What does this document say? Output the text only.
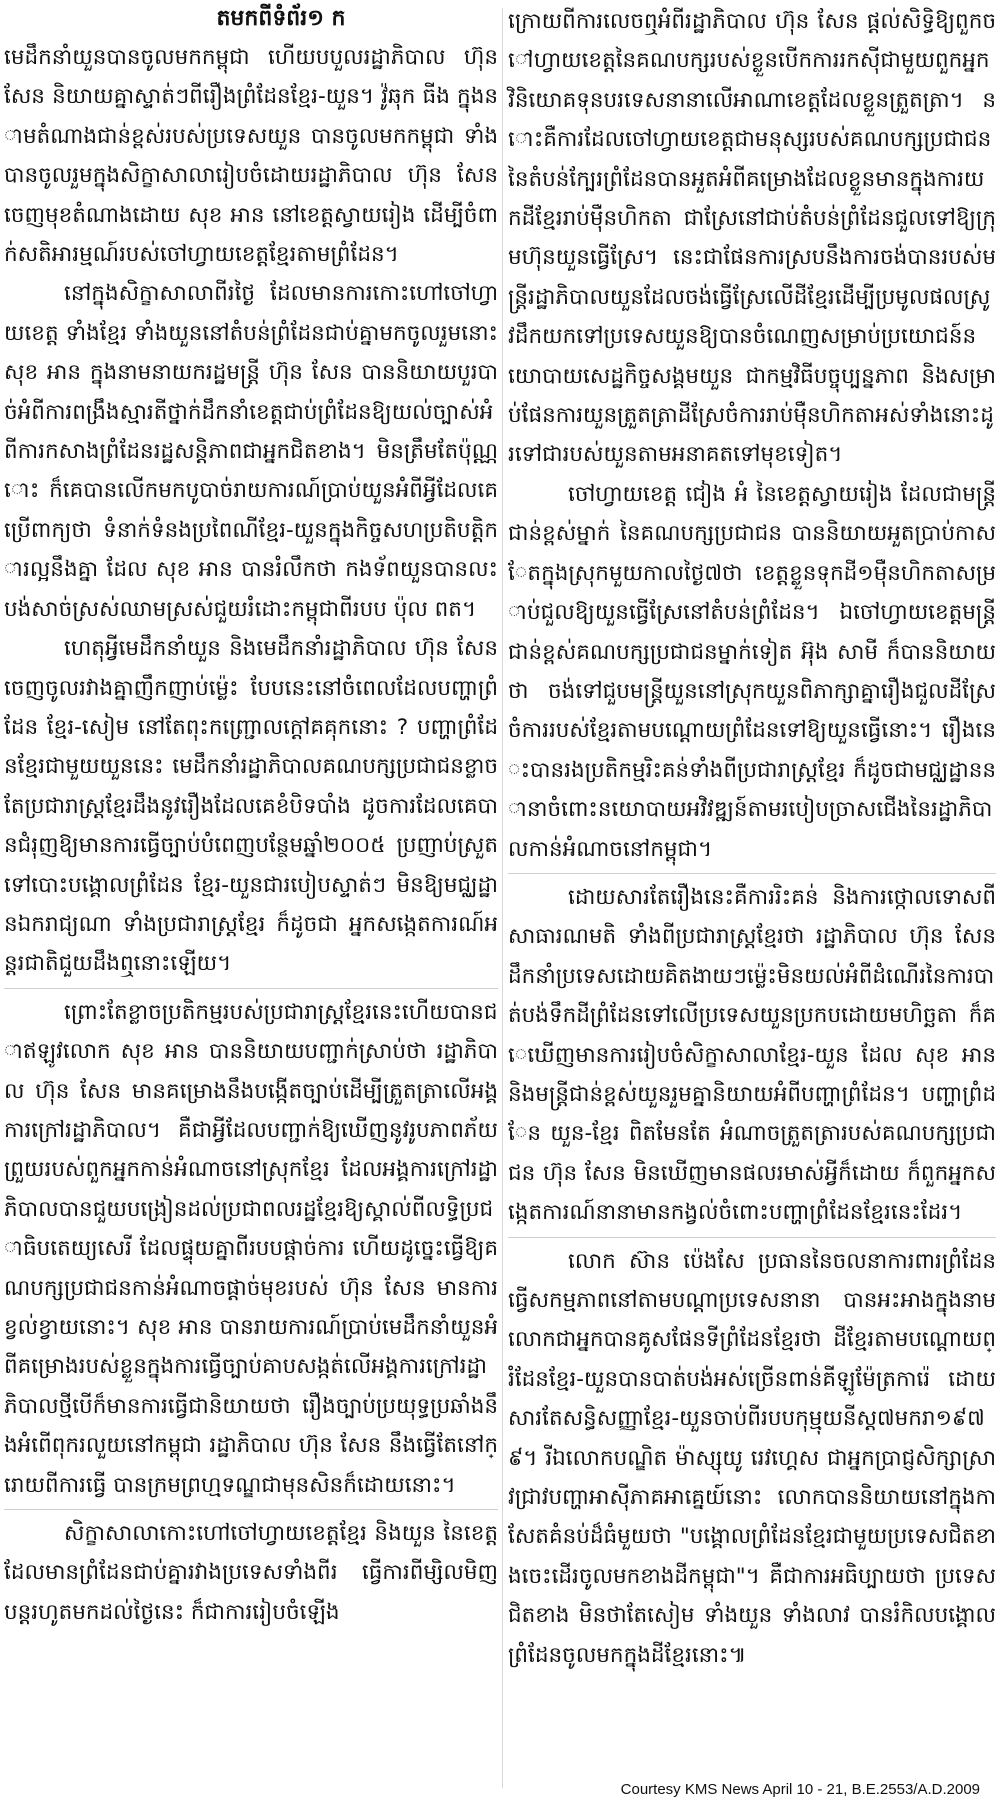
តមកពីទំព័រ១ ក

មេដឹកនាំយួនបានចូលមកកម្ពុជា ហើយបបួលរដ្ឋាភិបាល ហ៊ុន សែន និយាយគ្នាស្ទាត់ៗពីរឿងព្រំដែនខ្មែរ-យួន។ វ៉ូឆុក ធីង ក្នុងនាមតំណាងជាន់ខ្ពស់របស់ប្រទេសយួន បានចូលមកកម្ពុជា ទាំងបានចូលរួមក្នុងសិក្ខាសាលារៀបចំដោយរដ្ឋាភិបាល ហ៊ុន សែន ចេញមុខតំណាងដោយ សុខ អាន នៅខេត្តស្វាយរៀង ដើម្បីចំពាក់សតិអារម្មណ៍របស់ចៅហ្វាយខេត្តខ្មែរតាមព្រំដែន។

នៅក្នុងសិក្ខាសាលាពីរថ្ងៃ ដែលមានការកោះហៅចៅហ្វាយខេត្ត ទាំងខ្មែរ ទាំងយួននៅតំបន់ព្រំដែនជាប់គ្នាមកចូលរួមនោះ សុខ អាន ក្នុងនាមនាយករដ្ឋមន្ត្រី ហ៊ុន សែន បាននិយាយបួរបាច់អំពីការពង្រឹងស្មារតីថ្នាក់ដឹកនាំខេត្តជាប់ព្រំដែនឱ្យយល់ច្បាស់អំពីការកសាងព្រំដែនរដ្ឋសន្តិភាពជាអ្នកជិតខាង។ មិនត្រឹមតែប៉ុណ្ណោះ ក៏គេបានលើកមកបូបាច់រាយការណ៍ប្រាប់យួនអំពីអ្វីដែលគេប្រើពាក្យថា ទំនាក់ទំនងប្រពៃណីខ្មែរ-យួនក្នុងកិច្ចសហប្រតិបត្តិការល្អនឹងគ្នា ដែល សុខ អាន បានរំលឹកថា កងទ័ពយួនបានលះបង់សាច់ស្រស់ឈាមស្រស់ជួយរំដោះកម្ពុជាពីរបប ប៉ុល ពត។

ហេតុអ្វីមេដឹកនាំយួន និងមេដឹកនាំរដ្ឋាភិបាល ហ៊ុន សែន ចេញចូលរវាងគ្នាញឹកញាប់ម្ល៉េះ បែបនេះនៅចំពេលដែលបញ្ហាព្រំដែន ខ្មែរ-សៀម នៅតែពុះកញ្ជ្រោលក្ដៅគគុកនោះ ? បញ្ហាព្រំដែនខ្មែរជាមួយយួននេះ មេដឹកនាំរដ្ឋាភិបាលគណបក្សប្រជាជនខ្លាចតែប្រជារាស្ត្រខ្មែរដឹងនូវរឿងដែលគេខំបិទបាំង ដូចការដែលគេបានជំរុញឱ្យមានការធ្វើច្បាប់បំពេញបន្ថែមឆ្នាំ២០០៥ ប្រញាប់ស្រួតទៅបោះបង្គោលព្រំដែន ខ្មែរ-យួនជារបៀបស្ទាត់ៗ មិនឱ្យមជ្ឈដ្ឋានឯករាជ្យណា ទាំងប្រជារាស្ត្រខ្មែរ ក៏ដូចជា អ្នកសង្កេតការណ៍អន្តរជាតិជួយដឹងឮនោះឡើយ។

ព្រោះតែខ្លាចប្រតិកម្មរបស់ប្រជារាស្ត្រខ្មែរនេះហើយបានជាឥឡូវលោក សុខ អាន បាននិយាយបញ្ជាក់ស្រាប់ថា រដ្ឋាភិបាល ហ៊ុន សែន មានគម្រោងនឹងបង្កើតច្បាប់ដើម្បីត្រួតត្រាលើអង្គការក្រៅរដ្ឋាភិបាល។ គឺជាអ្វីដែលបញ្ជាក់ឱ្យឃើញនូវរូបភាពភ័យព្រួយរបស់ពួកអ្នកកាន់អំណាចនៅស្រុកខ្មែរ ដែលអង្គការក្រៅរដ្ឋាភិបាលបានជួយបង្រៀនដល់ប្រជាពលរដ្ឋខ្មែរឱ្យស្គាល់ពីលទ្ធិប្រជាធិបតេយ្យសេរី ដែលផ្ទុយគ្នាពីរបបផ្ដាច់ការ ហើយដូច្នេះធ្វើឱ្យគណបក្សប្រជាជនកាន់អំណាចផ្ដាច់មុខរបស់ ហ៊ុន សែន មានការខ្វល់ខ្វាយនោះ។ សុខ អាន បានរាយការណ៍ប្រាប់មេដឹកនាំយួនអំពីគម្រោងរបស់ខ្លួនក្នុងការធ្វើច្បាប់គាបសង្កត់លើអង្គការក្រៅរដ្ឋាភិបាលថ្មីបើក៏មានការធ្វើជានិយាយថា រឿងច្បាប់ប្រយុទ្ធប្រឆាំងនឹងអំពើពុករលួយនៅកម្ពុជា រដ្ឋាភិបាល ហ៊ុន សែន នឹងធ្វើតែនៅក្រោយពីការធ្វើ បានក្រមព្រហ្មទណ្ឌជាមុនសិនក៏ដោយនោះ។

សិក្ខាសាលាកោះហៅចៅហ្វាយខេត្តខ្មែរ និងយួន នៃខេត្តដែលមានព្រំដែនជាប់គ្នារវាងប្រទេសទាំងពីរ ធ្វើការពីម្សិលមិញ បន្តរហូតមកដល់ថ្ងៃនេះ ក៏ជាការរៀបចំឡើង

ក្រោយពីការលេចឮអំពីរដ្ឋាភិបាល ហ៊ុន សែន ផ្ដល់សិទ្ធិឱ្យពួកចៅហ្វាយខេត្តនៃគណបក្សរបស់ខ្លួនបើកការរកស៊ីជាមួយពួកអ្នកវិនិយោគទុនបរទេសនានាលើអាណាខេត្តដែលខ្លួនត្រួតត្រា។ នោះគឺការដែលចៅហ្វាយខេត្តជាមនុស្សរបស់គណបក្សប្រជាជន នៃតំបន់ក្បែរព្រំដែនបានអួតអំពីគម្រោងដែលខ្លួនមានក្នុងការយកដីខ្មែររាប់ម៉ឺនហិកតា ជាស្រែនៅជាប់តំបន់ព្រំដែនជួលទៅឱ្យក្រុមហ៊ុនយួនធ្វើស្រែ។ នេះជាផែនការស្របនឹងការចង់បានរបស់មន្ត្រីរដ្ឋាភិបាលយួនដែលចង់ធ្វើស្រែលើដីខ្មែរដើម្បីប្រមូលផលស្រូវដឹកយកទៅប្រទេសយួនឱ្យបានចំណេញសម្រាប់ប្រយោជន៍នយោបាយសេដ្ឋកិច្ចសង្គមយួន ជាកម្មវិធីបច្ចុប្បន្នភាព និងសម្រាប់ផែនការយួនត្រួតត្រាដីស្រែចំការរាប់ម៉ឺនហិកតាអស់ទាំងនោះដូរទៅជារបស់យួនតាមអនាគតទៅមុខទៀត។

ចៅហ្វាយខេត្ត ជៀង អំ នៃខេត្តស្វាយរៀង ដែលជាមន្ត្រីជាន់ខ្ពស់ម្នាក់ នៃគណបក្សប្រជាជន បាននិយាយអួតប្រាប់កាសែតក្នុងស្រុកមួយកាលថ្ងៃ៧ថា ខេត្តខ្លួនទុកដី១ម៉ឺនហិកតាសម្រាប់ជួលឱ្យយួនធ្វើស្រែនៅតំបន់ព្រំដែន។ ឯចៅហ្វាយខេត្តមន្ត្រីជាន់ខ្ពស់គណបក្សប្រជាជនម្នាក់ទៀត អ៊ុង សាមី ក៏បាននិយាយថា ចង់ទៅជួបមន្ត្រីយួននៅស្រុកយួនពិភាក្សាគ្នារឿងជួលដីស្រែចំការរបស់ខ្មែរតាមបណ្ដោយព្រំដែនទៅឱ្យយួនធ្វើនោះ។ រឿងនេះបានរងប្រតិកម្មរិះគន់ទាំងពីប្រជារាស្ត្រខ្មែរ ក៏ដូចជាមជ្ឈដ្ឋាននានាចំពោះនយោបាយអវិវឌ្ឍន៍តាមរបៀបច្រាសជើងនៃរដ្ឋាភិបាលកាន់អំណាចនៅកម្ពុជា។

ដោយសារតែរឿងនេះគឺការរិះគន់ និងការថ្កោលទោសពីសាធារណមតិ ទាំងពីប្រជារាស្ត្រខ្មែរថា រដ្ឋាភិបាល ហ៊ុន សែន ដឹកនាំប្រទេសដោយគិតងាយៗម្ល៉េះមិនយល់អំពីដំណើរនៃការបាត់បង់ទឹកដីព្រំដែនទៅលើប្រទេសយួនប្រកបដោយមហិច្ឆតា ក៏គេឃើញមានការរៀបចំសិក្ខាសាលាខ្មែរ-យួន ដែល សុខ អាន និងមន្ត្រីជាន់ខ្ពស់យួនរួមគ្នានិយាយអំពីបញ្ហាព្រំដែន។ បញ្ហាព្រំដែន យួន-ខ្មែរ ពិតមែនតែ អំណាចត្រួតត្រារបស់គណបក្សប្រជាជន ហ៊ុន សែន មិនឃើញមានផលរមាស់អ្វីក៏ដោយ ក៏ពួកអ្នកសង្កេតការណ៍នានាមានកង្វល់ចំពោះបញ្ហាព្រំដែនខ្មែរនេះដែរ។

លោក ស៊ាន ប៉េងសែ ប្រធាននៃចលនាការពារព្រំដែន ធ្វើសកម្មភាពនៅតាមបណ្ដាប្រទេសនានា បានអះអាងក្នុងនាមលោកជាអ្នកបានគូសផែនទីព្រំដែនខ្មែរថា ដីខ្មែរតាមបណ្ដោយព្រំដែនខ្មែរ-យួនបានបាត់បង់អស់ច្រើនពាន់គីឡូម៉ែត្រការ៉េ ដោយសារតែសន្ធិសញ្ញាខ្មែរ-យួនចាប់ពីរបបកុម្មុយនីស្ត៧មករា១៩៧៩។ រីឯលោកបណ្ឌិត ម៉ាស្សុយូ រេវហ្គេស ជាអ្នកប្រាជ្ញសិក្សាស្រាវជ្រាវបញ្ហាអាស៊ីភាគអាគ្នេយ៍នោះ លោកបាននិយាយនៅក្នុងកាសែតគំនប់ដ៏ធំមួយថា "បង្គោលព្រំដែនខ្មែរជាមួយប្រទេសជិតខាងចេះដើរចូលមកខាងដីកម្ពុជា"។ គឺជាការអធិប្បាយថា ប្រទេសជិតខាង មិនថាតែសៀម ទាំងយួន ទាំងលាវ បានរំកិលបង្គោលព្រំដែនចូលមកក្នុងដីខ្មែរនោះ៕

Courtesy KMS News April 10 - 21, B.E.2553/A.D.2009
